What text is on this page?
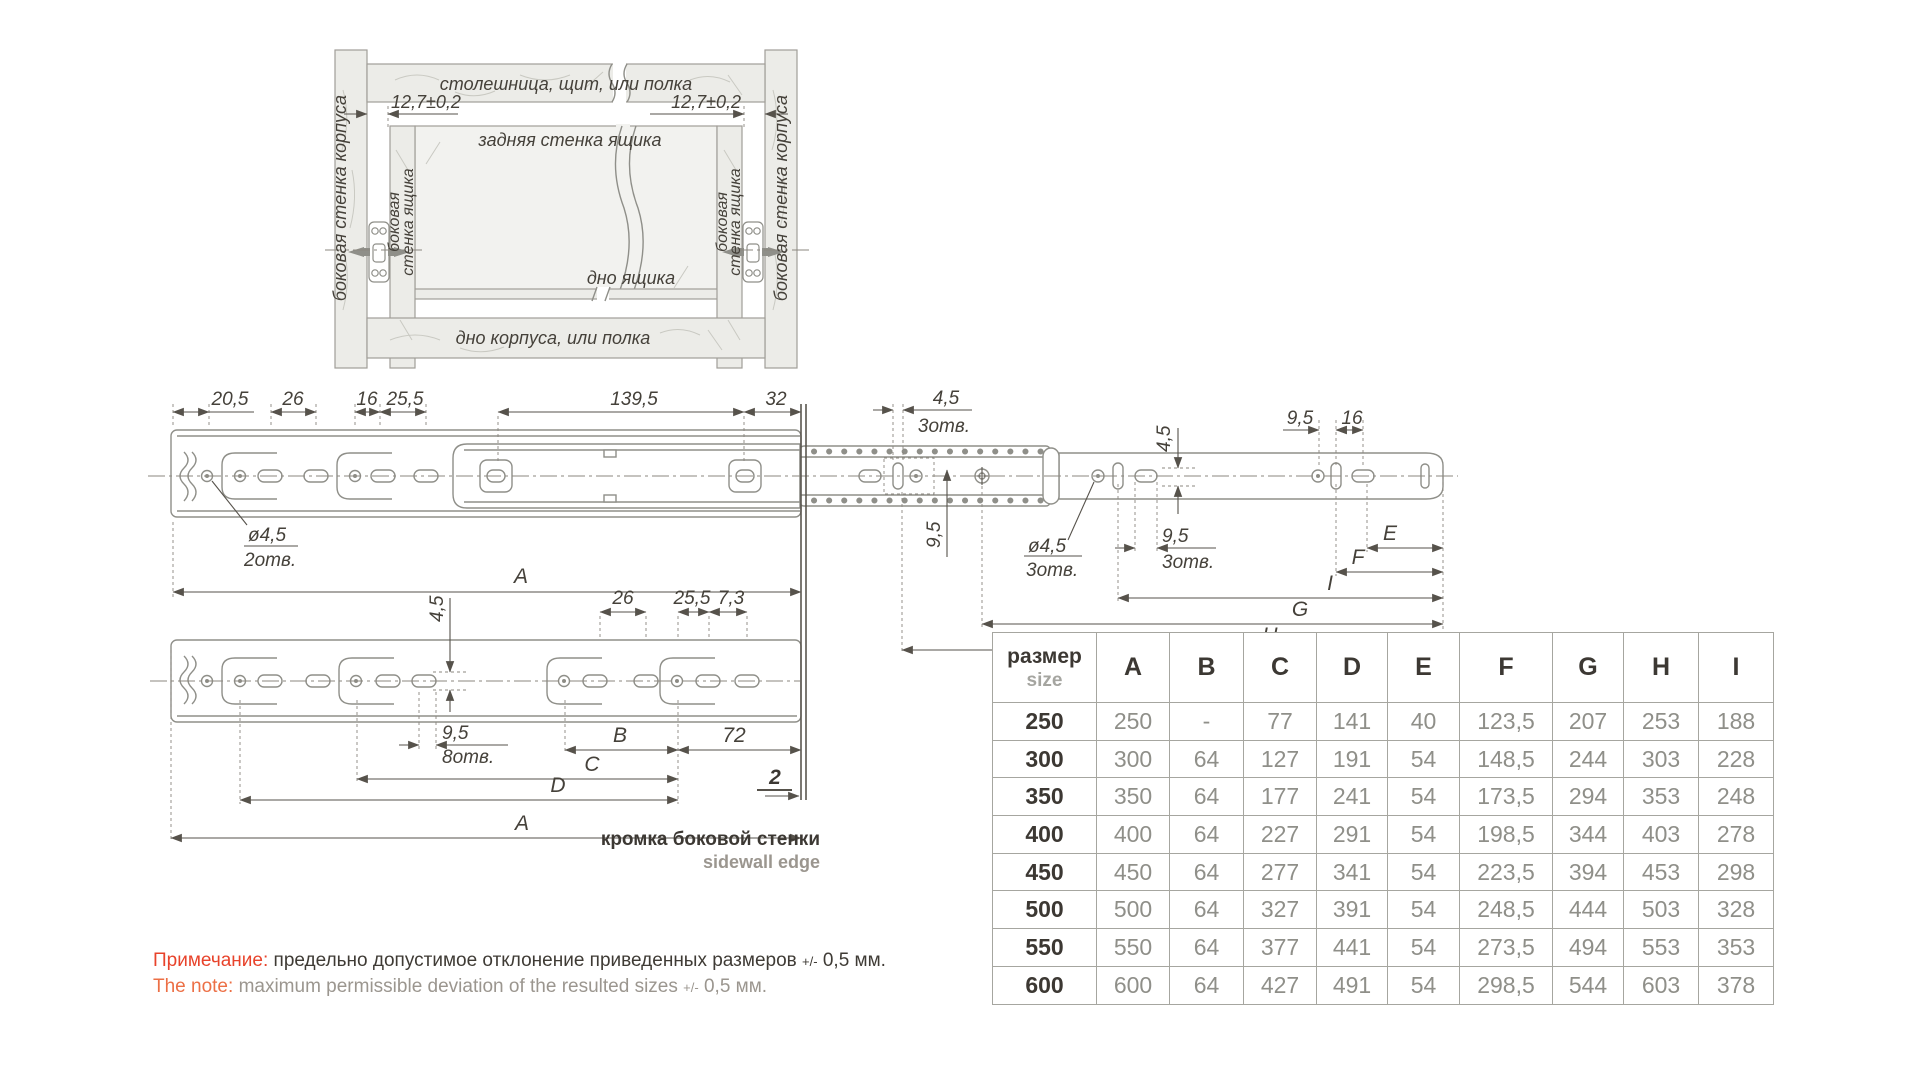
12,7±0,2	12,7±0,2
столешница, щит, или полка
боковая стенка корпуса	боковая стенка корпуса
боковая
стенка ящика	боковая
стенка ящика
задняя стенка ящика
дно ящика
дно корпуса, или полка
20,5 26	16 25,5	139,5	32
ø4,5
2отв.
A
4,5
3отв.
9,5	ø4,5
3отв.
9,5
3отв.
4,5
9,5 16
E
F
I
G
4,5	26 25,5 7,3
9,5
8отв.
B	72
C
D
A
2
кромка боковой стенки
sidewall edge
размер
size	A	B	C	D	E	F	G	H	I
250	250	-	77	141	40	123,5	207	253	188
300	300	64	127	191	54	148,5	244	303	228
350	350	64	177	241	54	173,5	294	353	248
400	400	64	227	291	54	198,5	344	403	278
450	450	64	277	341	54	223,5	394	453	298
500	500	64	327	391	54	248,5	444	503	328
550	550	64	377	441	54	273,5	494	553	353
600	600	64	427	491	54	298,5	544	603	378
Примечание: предельно допустимое отклонение приведенных размеров +/- 0,5 мм.
The note: maximum permissible deviation of the resulted sizes +/- 0,5 мм.
